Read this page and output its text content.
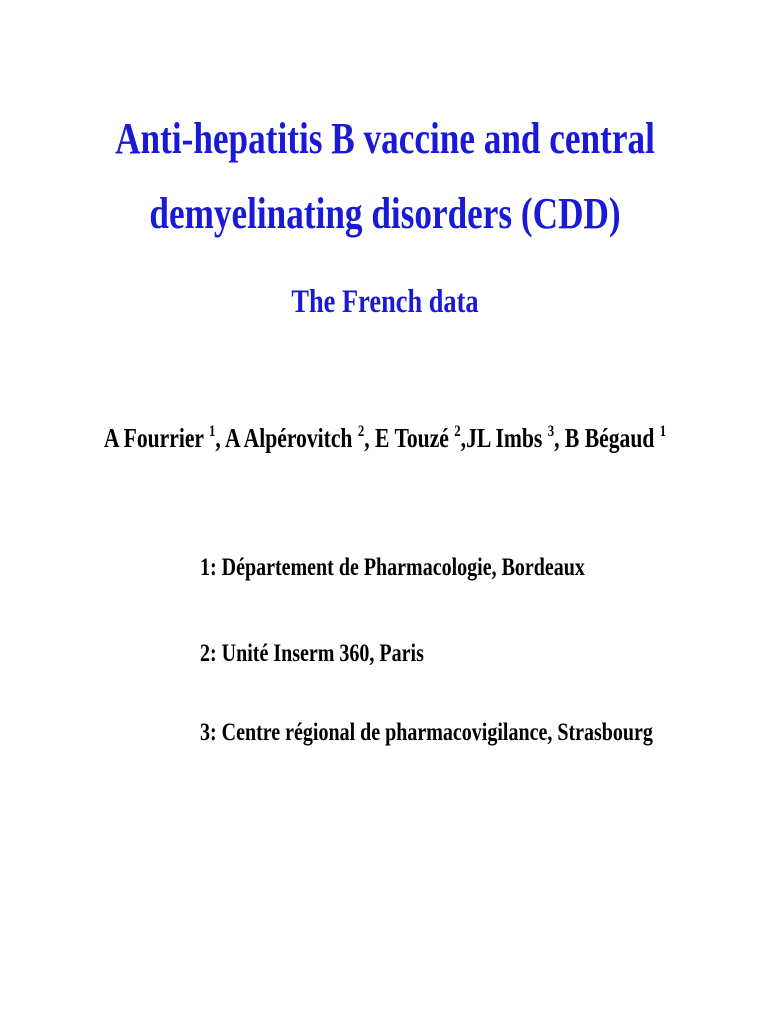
Anti-hepatitis B vaccine and central
demyelinating disorders (CDD)
The French data
A Fourrier $^1$, A Alpérovitch $^2$, E Touzé $^2$,JL Imbs $^3$, B Bégaud $^1$
1: Département de Pharmacologie, Bordeaux
2: Unité Inserm 360, Paris
3: Centre régional de pharmacovigilance, Strasbourg
